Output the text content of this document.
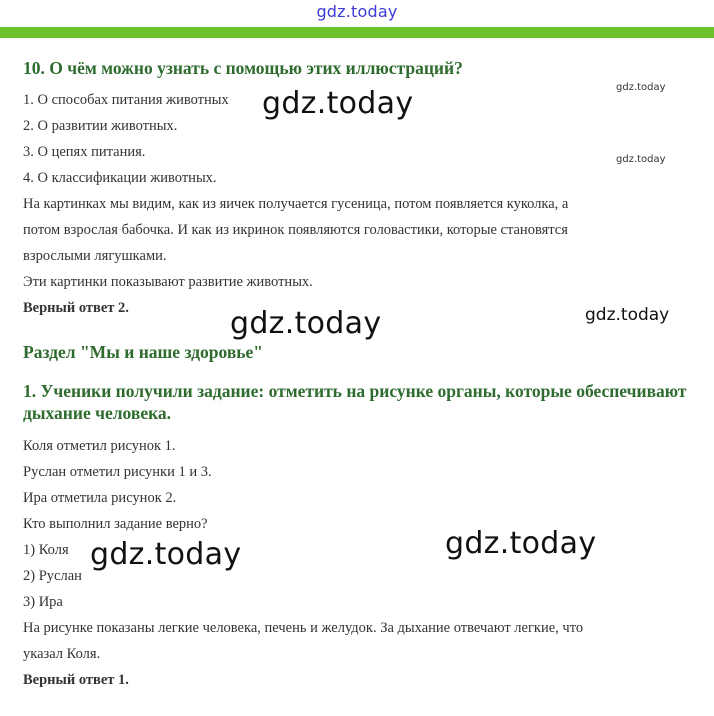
gdz.today
10. О чём можно узнать с помощью этих иллюстраций?
1. О способах питания животных
2. О развитии животных.
3. О цепях питания.
4. О классификации животных.
На картинках мы видим, как из яичек получается гусеница, потом появляется куколка, а
потом взрослая бабочка. И как из икринок появляются головастики, которые становятся
взрослыми лягушками.
Эти картинки показывают развитие животных.
Верный ответ 2.
Раздел "Мы и наше здоровье"
1. Ученики получили задание: отметить на рисунке органы, которые обеспечивают дыхание человека.
Коля отметил рисунок 1.
Руслан отметил рисунки 1 и 3.
Ира отметила рисунок 2.
Кто выполнил задание верно?
1) Коля
2) Руслан
3) Ира
На рисунке показаны легкие человека, печень и желудок. За дыхание отвечают легкие, что
указал Коля.
Верный ответ 1.
gdz.today	gdz.today
gdz.today
gdz.today	gdz.today
gdz.today	gdz.today
